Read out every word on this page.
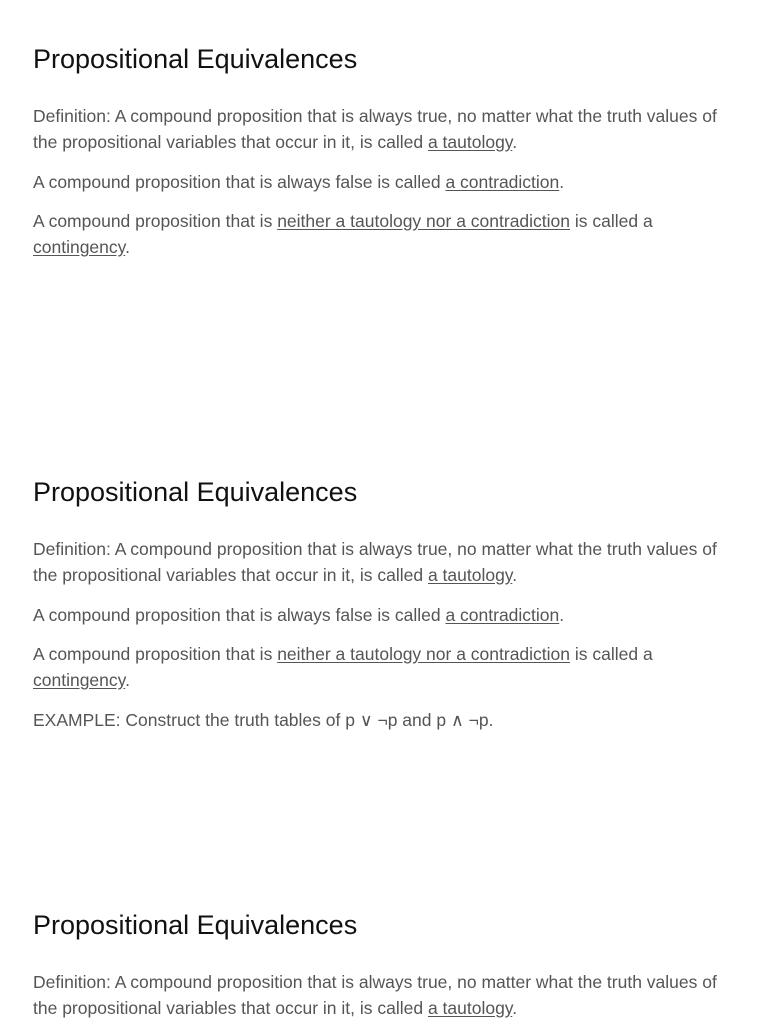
Propositional Equivalences

Definition: A compound proposition that is always true, no matter what the truth values of the propositional variables that occur in it, is called a tautology.

A compound proposition that is always false is called a contradiction.

A compound proposition that is neither a tautology nor a contradiction is called a contingency.

Propositional Equivalences

Definition: A compound proposition that is always true, no matter what the truth values of the propositional variables that occur in it, is called a tautology.

A compound proposition that is always false is called a contradiction.

A compound proposition that is neither a tautology nor a contradiction is called a contingency.

EXAMPLE: Construct the truth tables of p ∨ ¬p and p ∧ ¬p.

Propositional Equivalences

Definition: A compound proposition that is always true, no matter what the truth values of the propositional variables that occur in it, is called a tautology.
